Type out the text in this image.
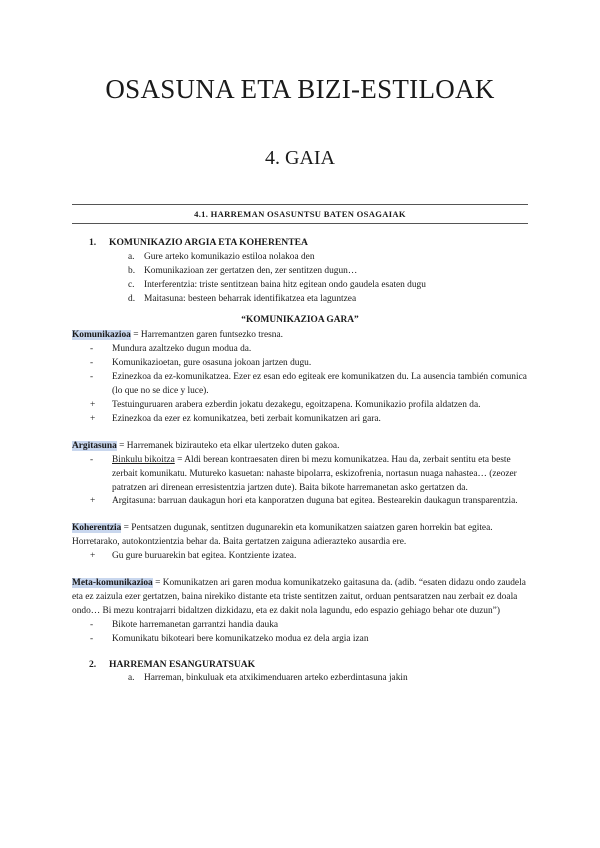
OSASUNA ETA BIZI-ESTILOAK
4. GAIA
4.1. HARREMAN OSASUNTSU BATEN OSAGAIAK
1.	KOMUNIKAZIO ARGIA ETA KOHERENTEA
a.	Gure arteko komunikazio estiloa nolakoa den
b. Komunikazioan zer gertatzen den, zer sentitzen dugun…
c.	Interferentzia: triste sentitzean baina hitz egitean ondo gaudela esaten dugu
d. Maitasuna: besteen beharrak identifikatzea eta laguntzea
“KOMUNIKAZIOA GARA”

Komunikazioa = Harremantzen garen funtsezko tresna.

-	Mundura azaltzeko dugun modua da.
-	Komunikazioetan, gure osasuna jokoan jartzen dugu.
-	Ezinezkoa da ez-komunikatzea. Ezer ez esan edo egiteak ere komunikatzen du. La ausencia también comunica (lo que no se dice y luce).
+	Testuinguruaren arabera ezberdin jokatu dezakegu, egoitzapena. Komunikazio profila aldatzen da.
+	Ezinezkoa da ezer ez komunikatzea, beti zerbait komunikatzen ari gara.

Argitasuna = Harremanek bizirauteko eta elkar ulertzeko duten gakoa.

-	Binkulu bikoitza = Aldi berean kontraesaten diren bi mezu komunikatzea. Hau da, zerbait sentitu eta beste zerbait komunikatu. Mutureko kasuetan: nahaste bipolarra, eskizofrenia, nortasun nuaga nahastea… (zeozer patratzen ari direnean erresistentzia jartzen dute). Baita bikote harremanetan asko gertatzen da.
+	Argitasuna: barruan daukagun hori eta kanporatzen duguna bat egitea. Bestearekin daukagun transparentzia.

Koherentzia = Pentsatzen dugunak, sentitzen dugunarekin eta komunikatzen saiatzen garen horrekin bat egitea. Horretarako, autokontzientzia behar da. Baita gertatzen zaiguna adierazteko ausardia ere.

+	Gu gure buruarekin bat egitea. Kontziente izatea.

Meta-komunikazioa = Komunikatzen ari garen modua komunikatzeko gaitasuna da. (adib. “esaten didazu ondo zaudela eta ez zaizula ezer gertatzen, baina nirekiko distante eta triste sentitzen zaitut, orduan pentsaratzen nau zerbait ez doala ondo… Bi mezu kontrajarri bidaltzen dizkidazu, eta ez dakit nola lagundu, edo espazio gehiago behar ote duzun”)

-	Bikote harremanetan garrantzi handia dauka
-	Komunikatu bikoteari bere komunikatzeko modua ez dela argia izan
2.	HARREMAN ESANGURATSUAK
a.	Harreman, binkuluak eta atxikimenduaren arteko ezberdintasuna jakin
